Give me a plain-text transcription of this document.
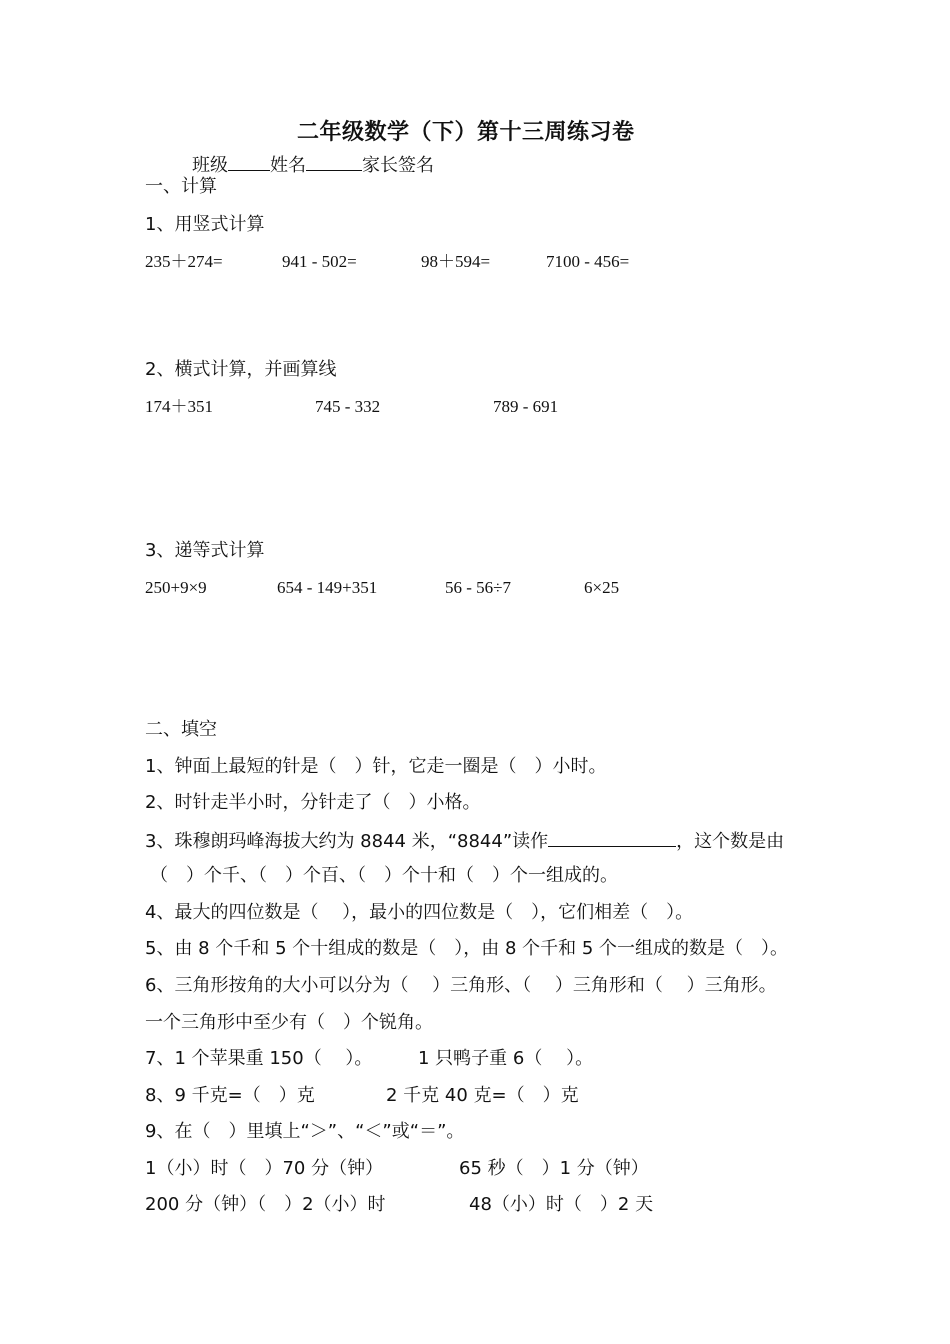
二年级数学（下）第十三周练习卷
班级 姓名	家长签名
一、计算
1、用竖式计算
235＋274=	941 - 502=	98＋594=	7100 - 456=
2、横式计算，并画算线
174＋351	745 - 332	789 - 691
3、递等式计算
250+9×9	654 - 149+351	56 - 56÷7	6×25
二、填空
1、钟面上最短的针是（　）针，它走一圈是（　）小时。
2、时针走半小时，分针走了（　）小格。
3、珠穆朗玛峰海拔大约为 8844 米，“8844”读作	，这个数是由
（　）个千、（　）个百、（　）个十和（　）个一组成的。
4、最大的四位数是（　 ），最小的四位数是（　），它们相差（　）。
5、由 8 个千和 5 个十组成的数是（　），由 8 个千和 5 个一组成的数是（　）。
6、三角形按角的大小可以分为（　 ）三角形、（　 ）三角形和（　 ）三角形。
一个三角形中至少有（　）个锐角。
7、1 个苹果重 150（　 ）。	1 只鸭子重 6（　 ）。
8、9 千克=（　）克	2 千克 40 克=（　）克
9、在（　）里填上“＞”、“＜”或“＝”。
1（小）时（　）70 分（钟）	65 秒（　）1 分（钟）
200 分（钟）（　）2（小）时	48（小）时（　）2 天
